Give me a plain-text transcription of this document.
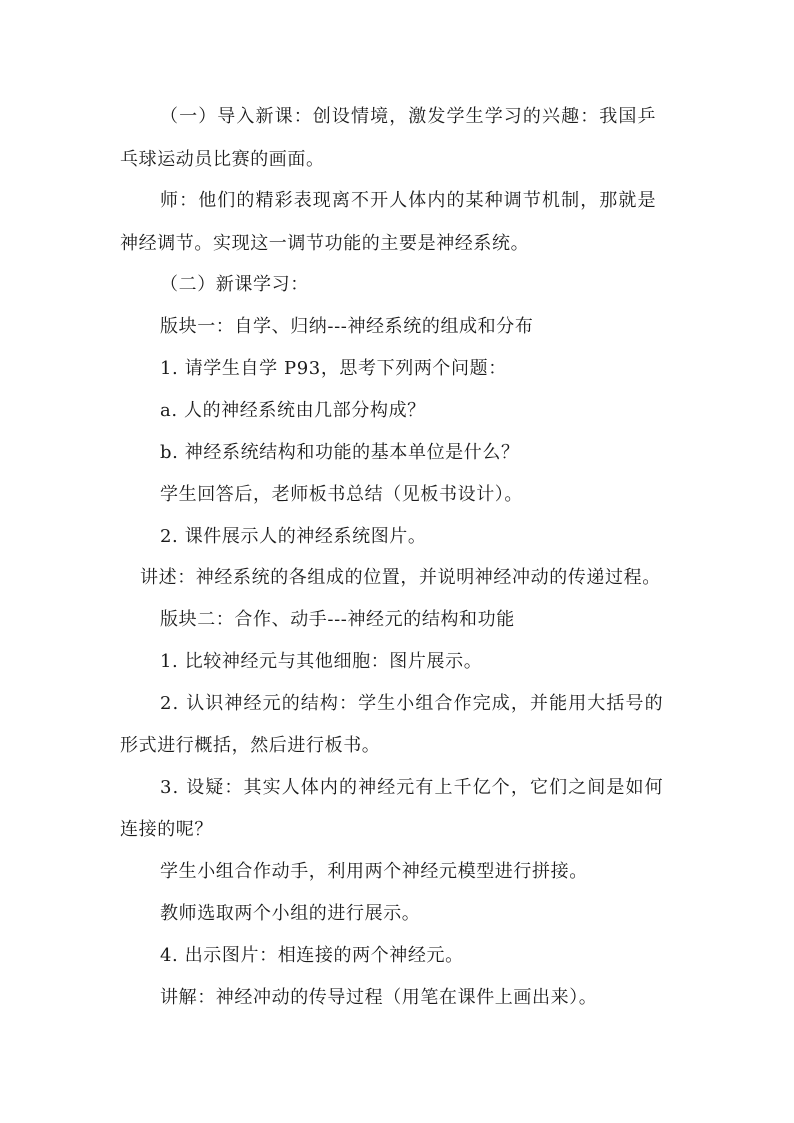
（一）导入新课：创设情境，激发学生学习的兴趣：我国乒
乓球运动员比赛的画面。
师：他们的精彩表现离不开人体内的某种调节机制，那就是
神经调节。实现这一调节功能的主要是神经系统。
（二）新课学习：
版块一：自学、归纳---神经系统的组成和分布
1. 请学生自学 P93，思考下列两个问题：
a. 人的神经系统由几部分构成？
b. 神经系统结构和功能的基本单位是什么？
学生回答后，老师板书总结（见板书设计）。
2. 课件展示人的神经系统图片。
讲述：神经系统的各组成的位置，并说明神经冲动的传递过程。
版块二：合作、动手---神经元的结构和功能
1. 比较神经元与其他细胞：图片展示。
2. 认识神经元的结构：学生小组合作完成，并能用大括号的
形式进行概括，然后进行板书。
3. 设疑：其实人体内的神经元有上千亿个，它们之间是如何
连接的呢？
学生小组合作动手，利用两个神经元模型进行拼接。
教师选取两个小组的进行展示。
4. 出示图片：相连接的两个神经元。
讲解：神经冲动的传导过程（用笔在课件上画出来）。
